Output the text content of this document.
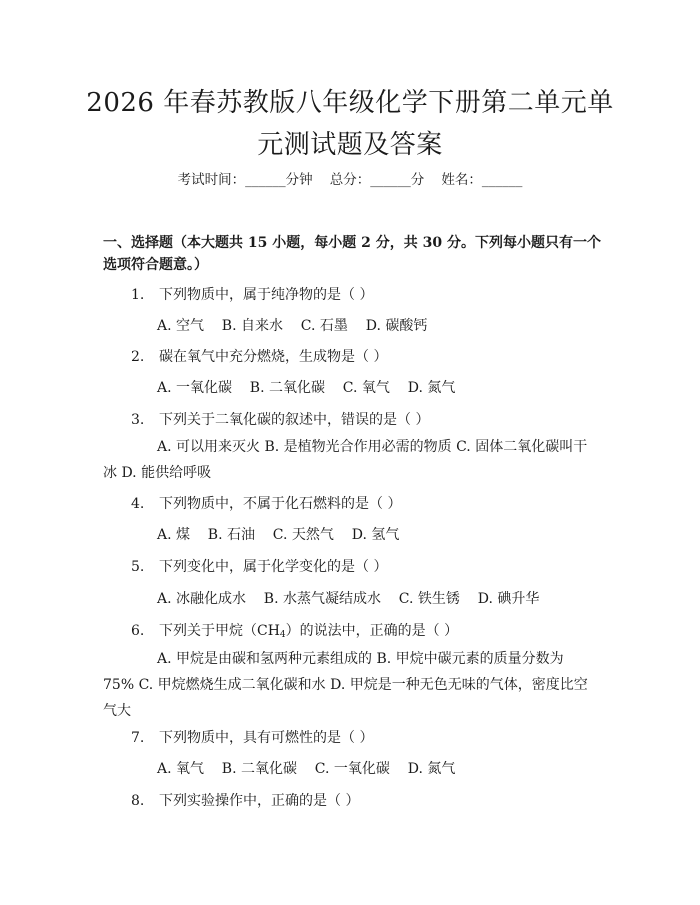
2026 年春苏教版八年级化学下册第二单元单
元测试题及答案
考试时间：______分钟    总分：______分    姓名：______
一、选择题（本大题共 15 小题，每小题 2 分，共 30 分。下列每小题只有一个选项符合题意。）
1. 下列物质中，属于纯净物的是（ ）
A. 空气    B. 自来水    C. 石墨    D. 碳酸钙
2. 碳在氧气中充分燃烧，生成物是（ ）
A. 一氧化碳    B. 二氧化碳    C. 氧气    D. 氮气
3. 下列关于二氧化碳的叙述中，错误的是（ ）
A. 可以用来灭火 B. 是植物光合作用必需的物质 C. 固体二氧化碳叫干冰 D. 能供给呼吸
4. 下列物质中，不属于化石燃料的是（ ）
A. 煤    B. 石油    C. 天然气    D. 氢气
5. 下列变化中，属于化学变化的是（ ）
A. 冰融化成水    B. 水蒸气凝结成水    C. 铁生锈    D. 碘升华
6. 下列关于甲烷$(CH_4)$的说法中，正确的是（ ）
A. 甲烷是由碳和氢两种元素组成的 B. 甲烷中碳元素的质量分数为 75% C. 甲烷燃烧生成二氧化碳和水 D. 甲烷是一种无色无味的气体，密度比空气大
7. 下列物质中，具有可燃性的是（ ）
A. 氧气    B. 二氧化碳    C. 一氧化碳    D. 氮气
8. 下列实验操作中，正确的是（ ）
